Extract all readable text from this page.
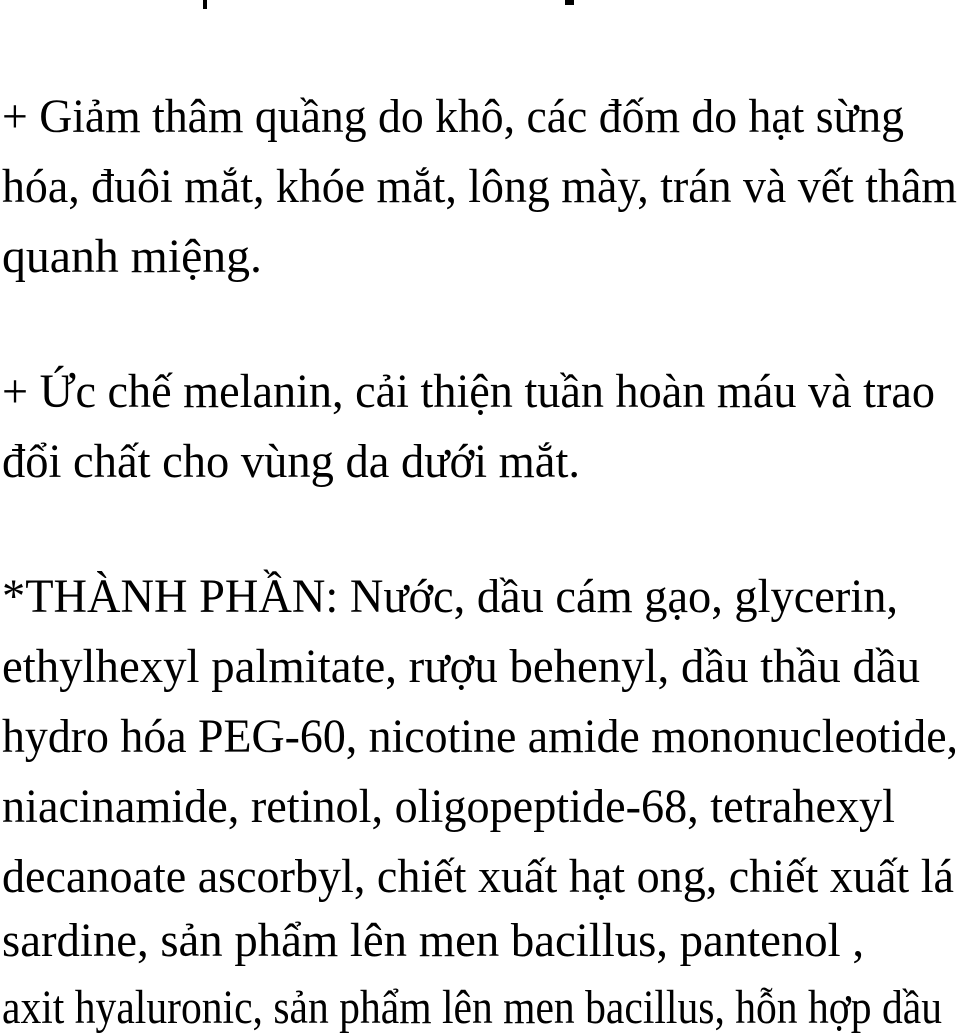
+ Giảm thâm quầng do khô, các đốm do hạt sừng
hóa, đuôi mắt, khóe mắt, lông mày, trán và vết thâm
quanh miệng.
+ Ức chế melanin, cải thiện tuần hoàn máu và trao
đổi chất cho vùng da dưới mắt.
*THÀNH PHẦN: Nước, dầu cám gạo, glycerin,
ethylhexyl palmitate, rượu behenyl, dầu thầu dầu
hydro hóa PEG-60, nicotine amide mononucleotide,
niacinamide, retinol, oligopeptide-68, tetrahexyl
decanoate ascorbyl, chiết xuất hạt ong, chiết xuất lá
sardine, sản phẩm lên men bacillus, pantenol ,
axit hyaluronic, sản phẩm lên men bacillus, hỗn hợp dầu
